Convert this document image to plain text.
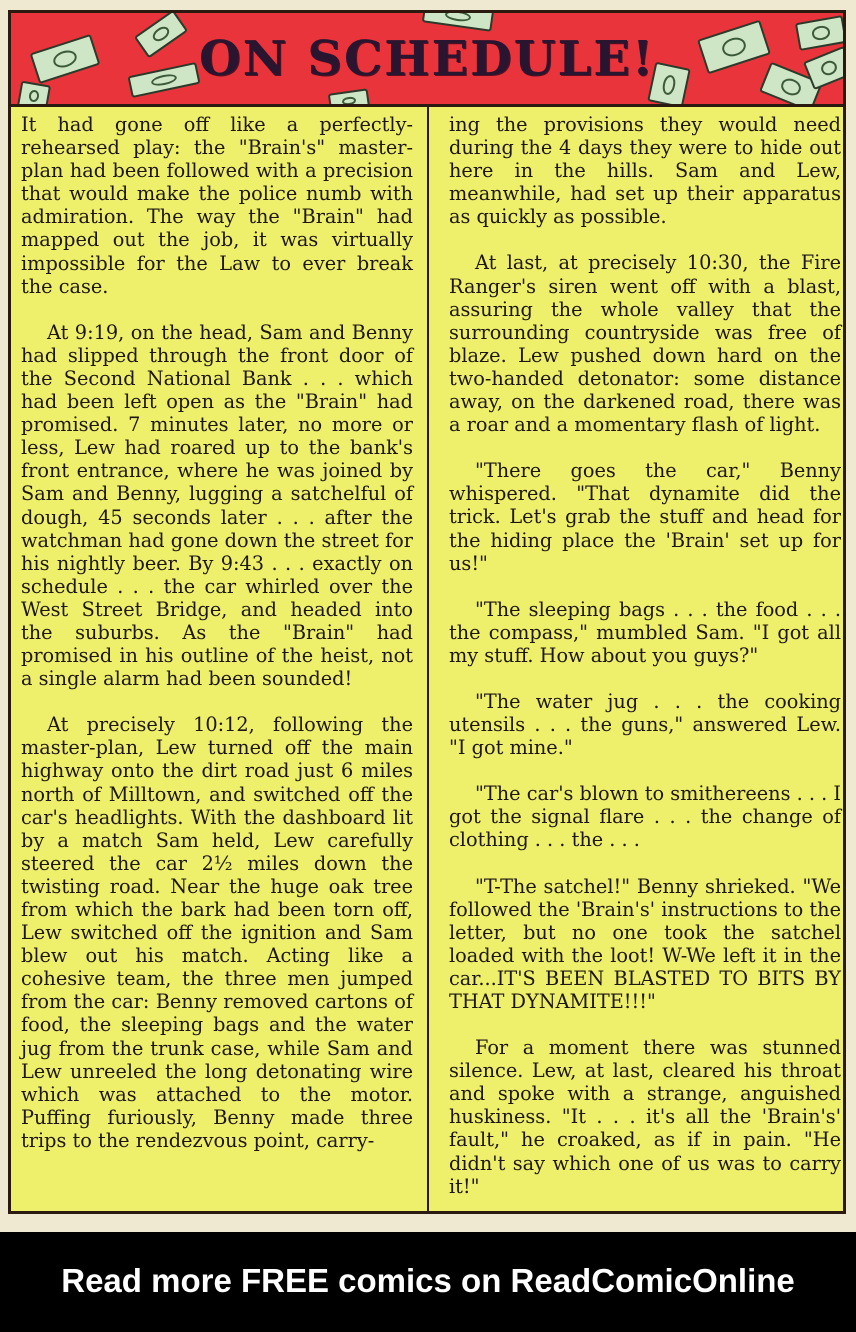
ON SCHEDULE!

It had gone off like a perfectly-rehearsed play: the "Brain's" master-plan had been followed with a precision that would make the police numb with admiration. The way the "Brain" had mapped out the job, it was virtually impossible for the Law to ever break the case.

At 9:19, on the head, Sam and Benny had slipped through the front door of the Second National Bank . . . which had been left open as the "Brain" had promised. 7 minutes later, no more or less, Lew had roared up to the bank's front entrance, where he was joined by Sam and Benny, lugging a satchelful of dough, 45 seconds later . . . after the watchman had gone down the street for his nightly beer. By 9:43 . . . exactly on schedule . . . the car whirled over the West Street Bridge, and headed into the suburbs. As the "Brain" had promised in his outline of the heist, not a single alarm had been sounded!

At precisely 10:12, following the master-plan, Lew turned off the main highway onto the dirt road just 6 miles north of Milltown, and switched off the car's headlights. With the dashboard lit by a match Sam held, Lew carefully steered the car 2½ miles down the twisting road. Near the huge oak tree from which the bark had been torn off, Lew switched off the ignition and Sam blew out his match. Acting like a cohesive team, the three men jumped from the car: Benny removed cartons of food, the sleeping bags and the water jug from the trunk case, while Sam and Lew unreeled the long detonating wire which was attached to the motor. Puffing furiously, Benny made three trips to the rendezvous point, carry-

ing the provisions they would need during the 4 days they were to hide out here in the hills. Sam and Lew, meanwhile, had set up their apparatus as quickly as possible.

At last, at precisely 10:30, the Fire Ranger's siren went off with a blast, assuring the whole valley that the surrounding countryside was free of blaze. Lew pushed down hard on the two-handed detonator: some distance away, on the darkened road, there was a roar and a momentary flash of light.

"There goes the car," Benny whispered. "That dynamite did the trick. Let's grab the stuff and head for the hiding place the 'Brain' set up for us!"

"The sleeping bags . . . the food . . . the compass," mumbled Sam. "I got all my stuff. How about you guys?"

"The water jug . . . the cooking utensils . . . the guns," answered Lew. "I got mine."

"The car's blown to smithereens . . . I got the signal flare . . . the change of clothing . . . the . . .

"T-The satchel!" Benny shrieked. "We followed the 'Brain's' instructions to the letter, but no one took the satchel loaded with the loot! W-We left it in the car...IT'S BEEN BLASTED TO BITS BY THAT DYNAMITE!!!"

For a moment there was stunned silence. Lew, at last, cleared his throat and spoke with a strange, anguished huskiness. "It . . . it's all the 'Brain's' fault," he croaked, as if in pain. "He didn't say which one of us was to carry it!"

Read more FREE comics on ReadComicOnline
